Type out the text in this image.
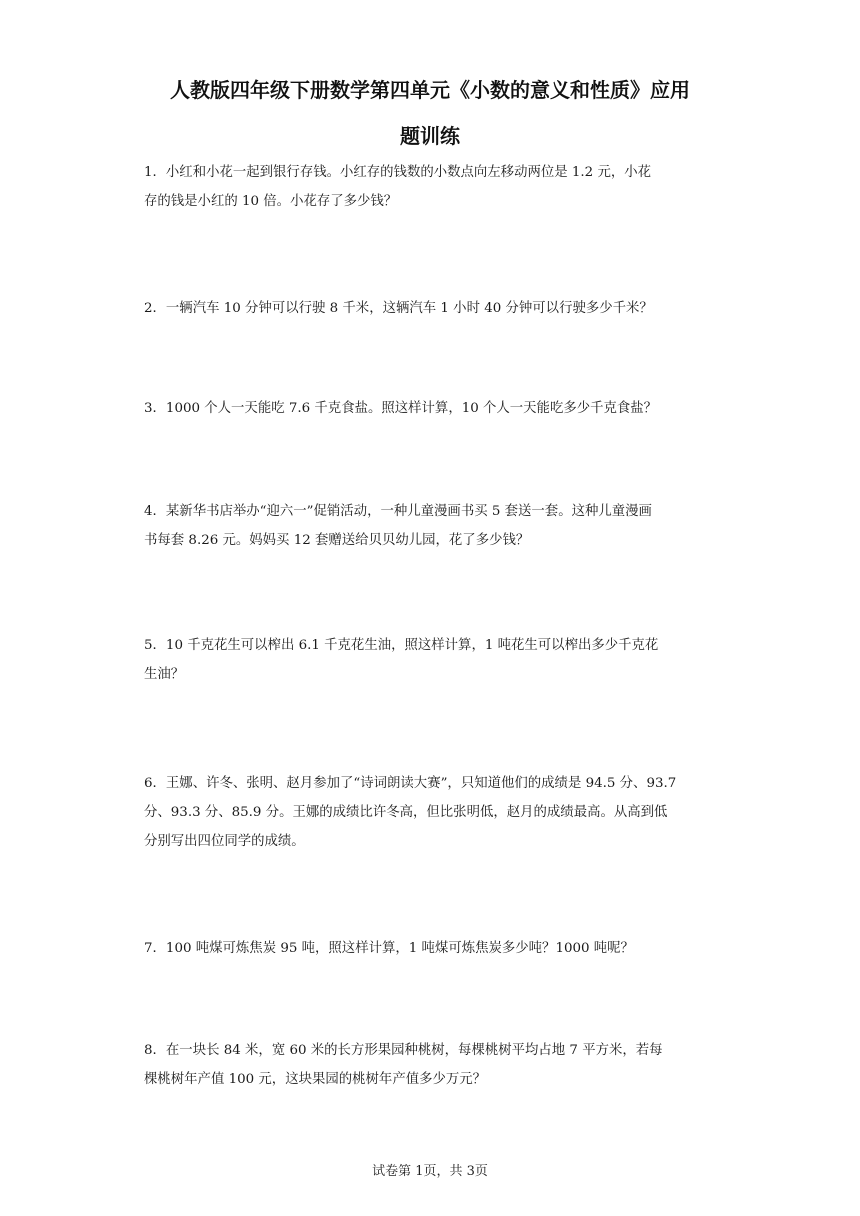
人教版四年级下册数学第四单元《小数的意义和性质》应用
题训练

1．小红和小花一起到银行存钱。小红存的钱数的小数点向左移动两位是 1.2 元，小花

存的钱是小红的 10 倍。小花存了多少钱？

2．一辆汽车 10 分钟可以行驶 8 千米，这辆汽车 1 小时 40 分钟可以行驶多少千米？

3．1000 个人一天能吃 7.6 千克食盐。照这样计算，10 个人一天能吃多少千克食盐？

4．某新华书店举办“迎六一”促销活动，一种儿童漫画书买 5 套送一套。这种儿童漫画

书每套 8.26 元。妈妈买 12 套赠送给贝贝幼儿园，花了多少钱？

5．10 千克花生可以榨出 6.1 千克花生油，照这样计算，1 吨花生可以榨出多少千克花

生油？

6．王娜、许冬、张明、赵月参加了“诗词朗读大赛”，只知道他们的成绩是 94.5 分、93.7

分、93.3 分、85.9 分。王娜的成绩比许冬高，但比张明低，赵月的成绩最高。从高到低

分别写出四位同学的成绩。

7．100 吨煤可炼焦炭 95 吨，照这样计算，1 吨煤可炼焦炭多少吨？1000 吨呢？

8．在一块长 84 米，宽 60 米的长方形果园种桃树，每棵桃树平均占地 7 平方米，若每

棵桃树年产值 100 元，这块果园的桃树年产值多少万元？

试卷第 1页，共 3页
